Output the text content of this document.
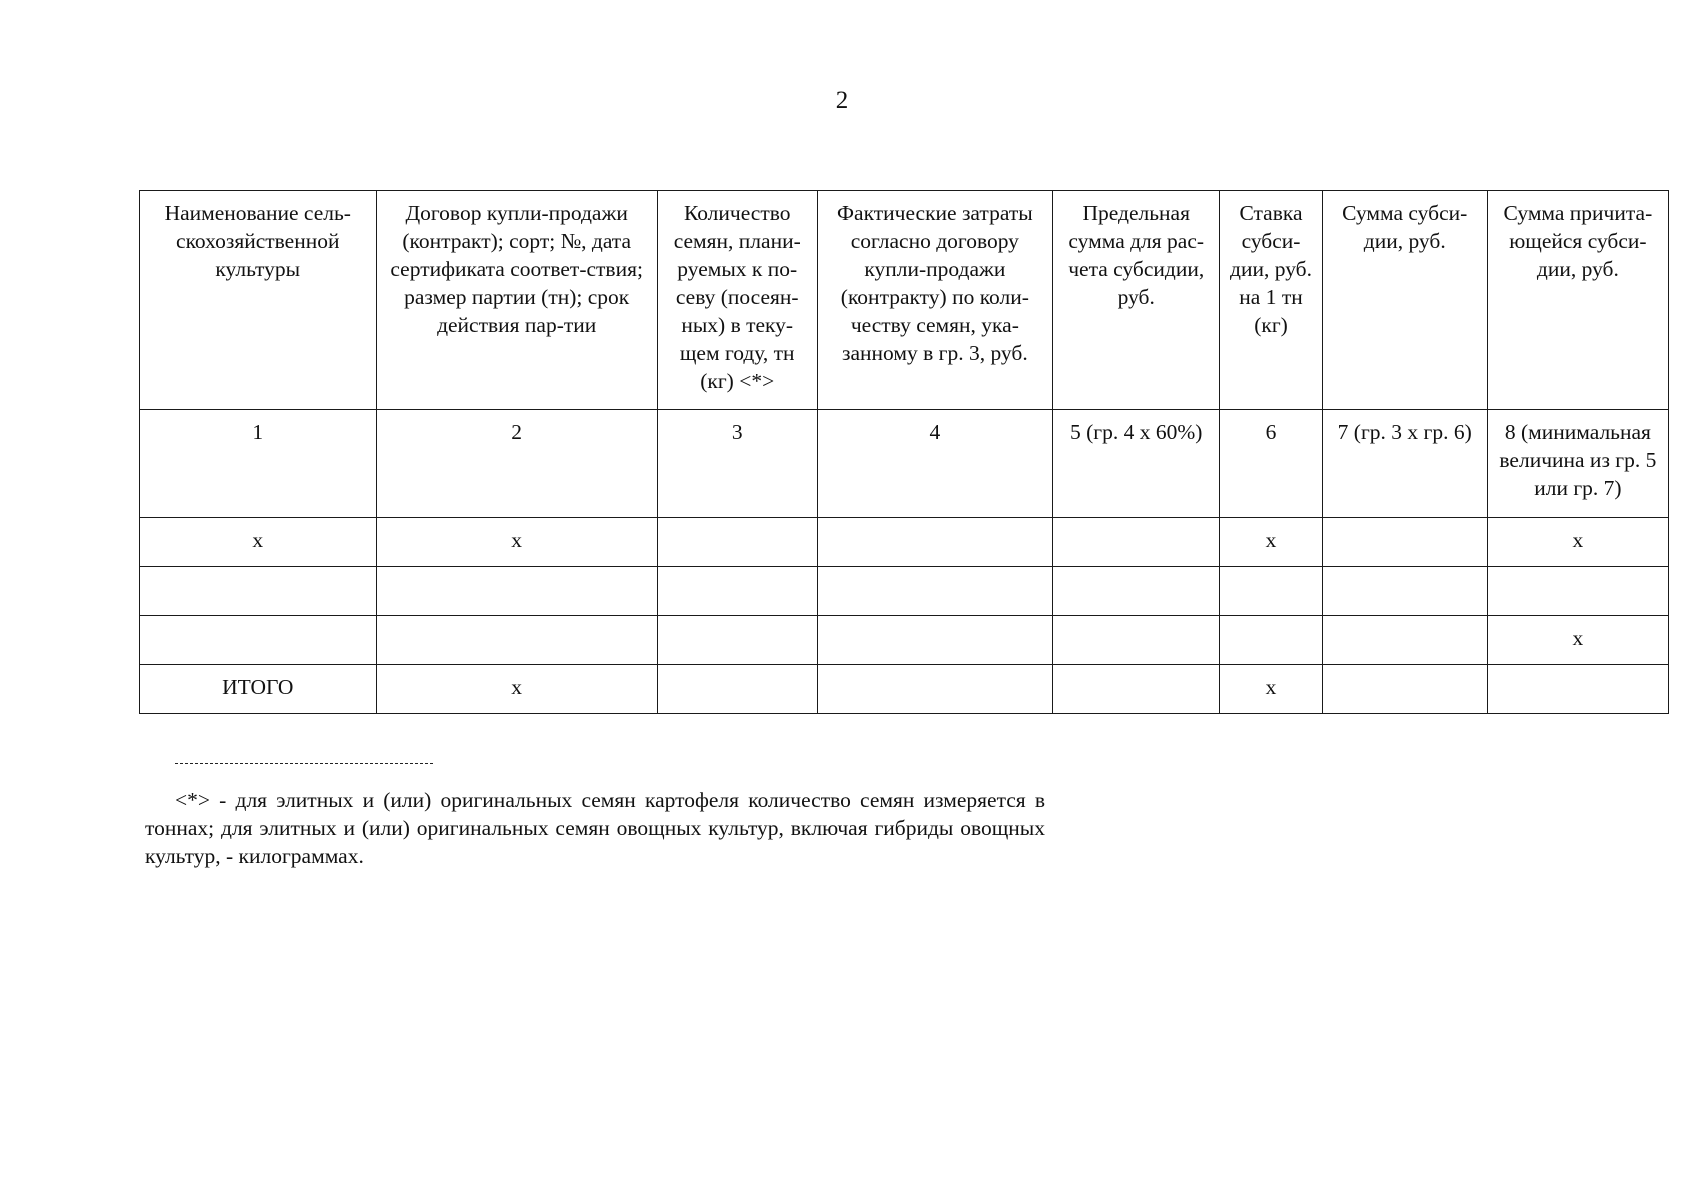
2
Наименование сель-скохозяйственной культуры	Договор купли-продажи (контракт); сорт; №, дата сертификата соответ-ствия; размер партии (тн); срок действия пар-тии	Количество семян, плани-руемых к по-севу (посеян-ных) в теку-щем году, тн (кг) <*>	Фактические затраты согласно договору купли-продажи (контракту) по коли-честву семян, ука-занному в гр. 3, руб.	Предельная сумма для рас-чета субсидии, руб.	Ставка субси-дии, руб. на 1 тн (кг)	Сумма субси-дии, руб.	Сумма причита-ющейся субси-дии, руб.

1	2	3	4	5 (гр. 4 x 60%)	6	7 (гр. 3 x гр. 6)	8 (минимальная величина из гр. 5 или гр. 7)
x	x				x		x

							x
ИТОГО	x				x		
<*> - для элитных и (или) оригинальных семян картофеля количество семян измеряется в тоннах; для элитных и (или) оригинальных семян овощных культур, включая гибриды овощных культур, - килограммах.
